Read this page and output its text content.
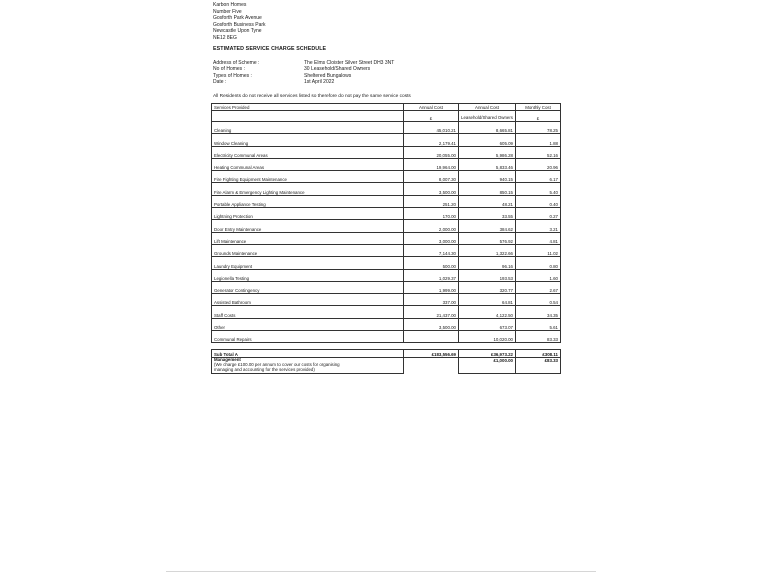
Karbon Homes
Number Five
Gosforth Park Avenue
Gosforth Business Park
Newcastle Upon Tyne
NE12 8EG
ESTIMATED SERVICE CHARGE SCHEDULE
Address of Scheme :	The Elms Cloister Silver Street DH3 3NT
No of Homes :	30 Leasehold/Shared Owners
Types of Homes :	Sheltered Bungalows
Date :	1st April 2022
All Residents do not receive all services listed so therefore do not pay the same service costs
Services Provided	Annual Cost	Annual Cost	Monthly Cost
	£	Leasehold/Shared Owners	£
Cleaning	45,010.21	8,665.81	78.25
Window Cleaning	2,179.41	605.09	1.88
Electricity Communal Areas	20,055.00	5,986.28	52.16
Heating Communal Areas	19,964.00	5,833.46	20.96
Fire Fighting Equipment Maintenance	8,007.30	940.15	6.17
Fire Alarm & Emergency Lighting Maintenance	3,500.00	850.15	5.40
Portable Appliance Testing	251.20	48.21	0.40
Lightning Protection	170.00	33.55	0.27
Door Entry Maintenance	2,000.00	384.62	3.21
Lift Maintenance	3,000.00	576.92	4.81
Grounds Maintenance	7,144.30	1,322.66	11.02
Laundry Equipment	500.00	96.16	0.80
Legionella Testing	1,029.37	193.53	1.60
Generator Contingency	1,999.00	320.77	2.67
Assisted Bathroom	337.00	64.81	0.54
Staff Costs	21,437.00	4,122.50	34.35
Other	3,500.00	673.07	5.61
Communal Repairs		10,020.00	83.33

Sub Total A	£183,556.69	£36,973.22	£308.11

Management
(We charge £100.00 per annum to cover our costs for organising
managing and accounting for the services provided)		£1,000.00	£83.33
